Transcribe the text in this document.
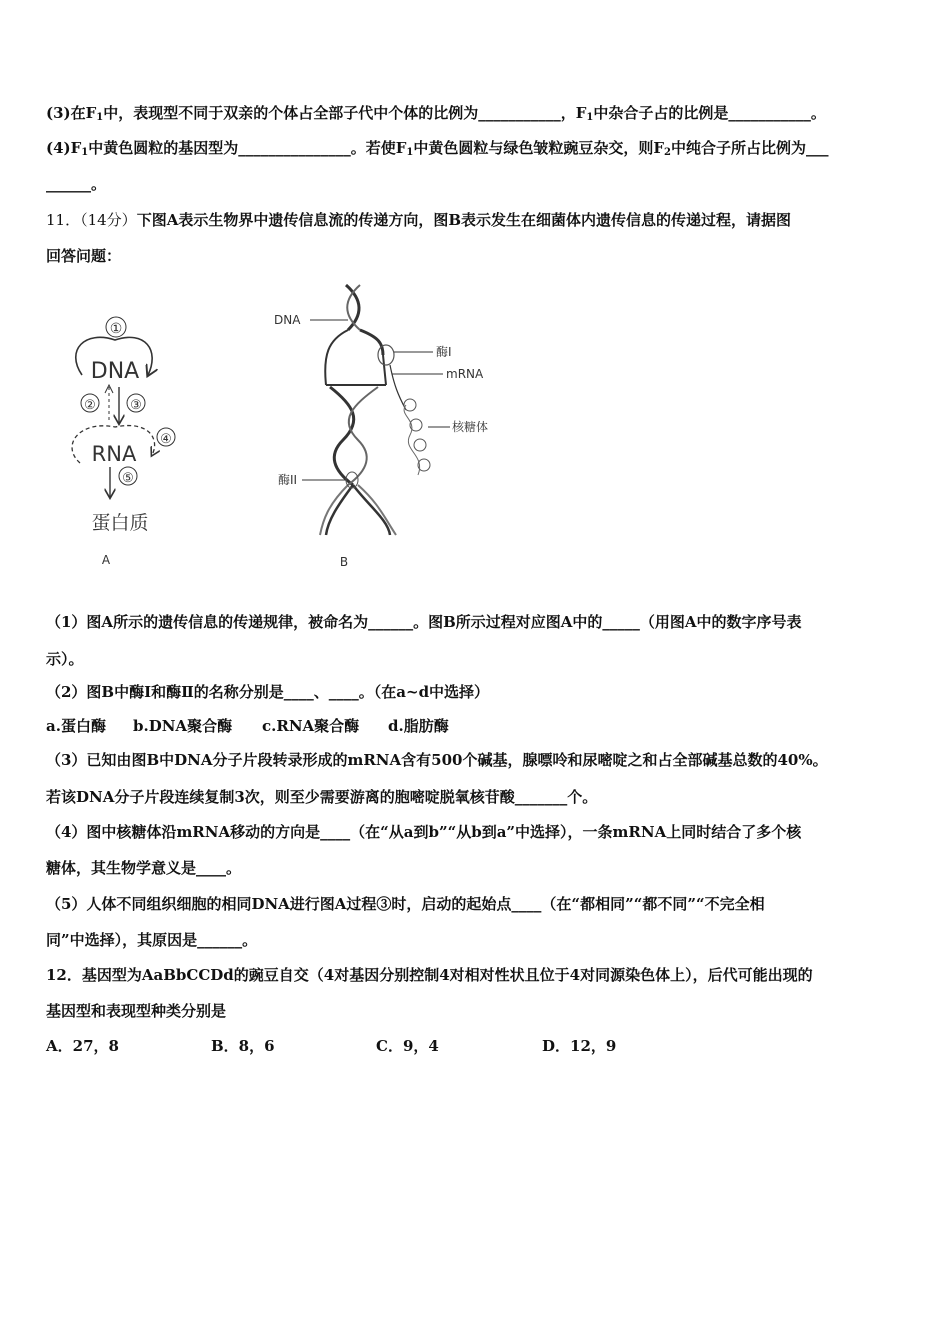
(3)在$F_1$中，表现型不同于双亲的个体占全部子代中个体的比例为___________，$F_1$中杂合子占的比例是___________。
$(4)F_1$中黄色圆粒的基因型为_______________。若使$F_1$中黄色圆粒与绿色皱粒豌豆杂交，则$F_2$中纯合子所占比例为___
______。
11．（14分）下图A表示生物界中遗传信息流的传递方向，图B表示发生在细菌体内遗传信息的传递过程，请据图
回答问题：
①
DNA
②	③
④
RNA
⑤
蛋白质
A
酶I
mRNA
核糖体
酶II
DNA
B
（1）图A所示的遗传信息的传递规律，被命名为______。图B所示过程对应图A中的_____（用图A中的数字序号表
示）。
（2）图B中酶Ⅰ和酶Ⅱ的名称分别是____、____。（在a~d中选择）
a.蛋白酶 b.DNA聚合酶 c.RNA聚合酶 d.脂肪酶
（3）已知由图B中DNA分子片段转录形成的mRNA含有500个碱基，腺嘌呤和尿嘧啶之和占全部碱基总数的40%。
若该DNA分子片段连续复制3次，则至少需要游离的胞嘧啶脱氧核苷酸_______个。
（4）图中核糖体沿mRNA移动的方向是____（在“从a到b”“从b到a”中选择），一条mRNA上同时结合了多个核
糖体，其生物学意义是____。
（5）人体不同组织细胞的相同DNA进行图A过程③时，启动的起始点____（在“都相同”“都不同”“不完全相
同”中选择），其原因是______。
12．基因型为AaBbCCDd的豌豆自交（4对基因分别控制4对相对性状且位于4对同源染色体上），后代可能出现的
基因型和表现型种类分别是
A．27，8	B．8，6	C．9，4	D．12，9
